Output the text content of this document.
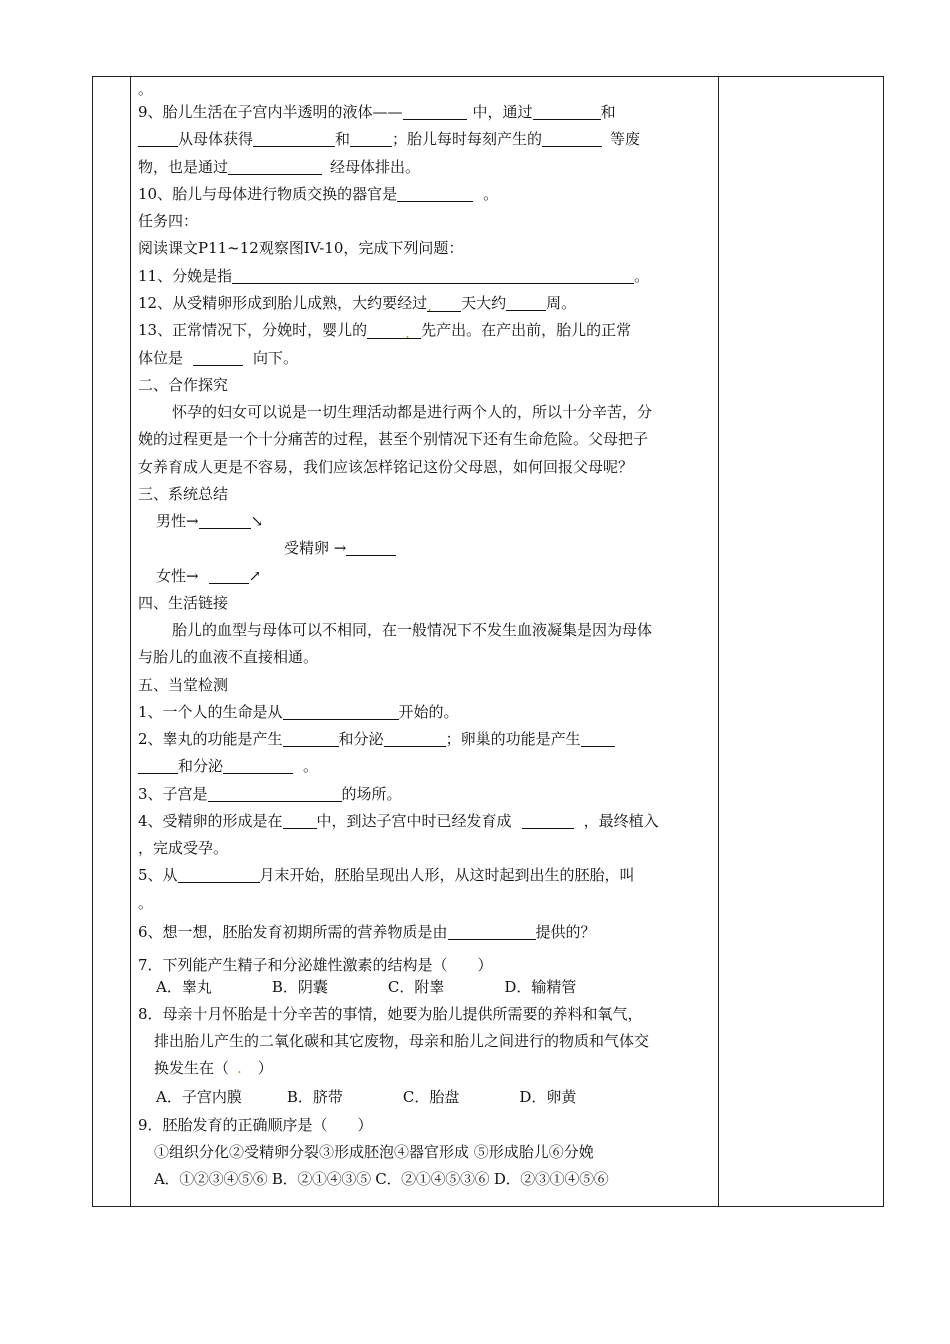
。
9、胎儿生活在子宫内半透明的液体——	中，通过	和
从母体获得	和	；胎儿每时每刻产生的	等废
物，也是通过	经母体排出。
10、胎儿与母体进行物质交换的器官是	。
任务四：
阅读课文P11~12观察图IV-10，完成下列问题：
11、分娩是指	。
12、从受精卵形成到胎儿成熟，大约要经过. 天大约	周。
13、正常情况下，分娩时，婴儿的	. 先产出。在产出前，胎儿的正常
体位是	向下。
二、合作探究
怀孕的妇女可以说是一切生理活动都是进行两个人的，所以十分辛苦，分
娩的过程更是一个十分痛苦的过程，甚至个别情况下还有生命危险。父母把子
女养育成人更是不容易，我们应该怎样铭记这份父母恩，如何回报父母呢？
三、系统总结
男性→	↘
受精卵 →
女性→	↗
四、生活链接
胎儿的血型与母体可以不相同，在一般情况下不发生血液凝集是因为母体
与胎儿的血液不直接相通。
五、当堂检测
1、一个人的生命是从	开始的。
2、睾丸的功能是产生	和分泌	；卵巢的功能是产生
和分泌	。
3、子宫是	的场所。
4、受精卵的形成是在 中，到达子宫中时已经发育成	，最终植入
，完成受孕。
5、从	月末开始，胚胎呈现出人形，从这时起到出生的胚胎，叫
。
6、想一想，胚胎发育初期所需的营养物质是由	提供的？
7．下列能产生精子和分泌雄性激素的结构是（　　）
A．睾丸　　　　B．阴囊　　　　C．附睾　　　　D．输精管
8．母亲十月怀胎是十分辛苦的事情，她要为胎儿提供所需要的养料和氧气，
排出胎儿产生的二氧化碳和其它废物，母亲和胎儿之间进行的物质和气体交
换发生在（ . ）
A．子宫内膜　　　B．脐带　　　　C．胎盘　　　　D．卵黄
9．胚胎发育的正确顺序是（　　）
①组织分化②受精卵分裂③形成胚泡④器官形成 ⑤形成胎儿⑥分娩
A．①②③④⑤⑥ B．②①④③⑤ C．②①④⑤③⑥ D．②③①④⑤⑥
